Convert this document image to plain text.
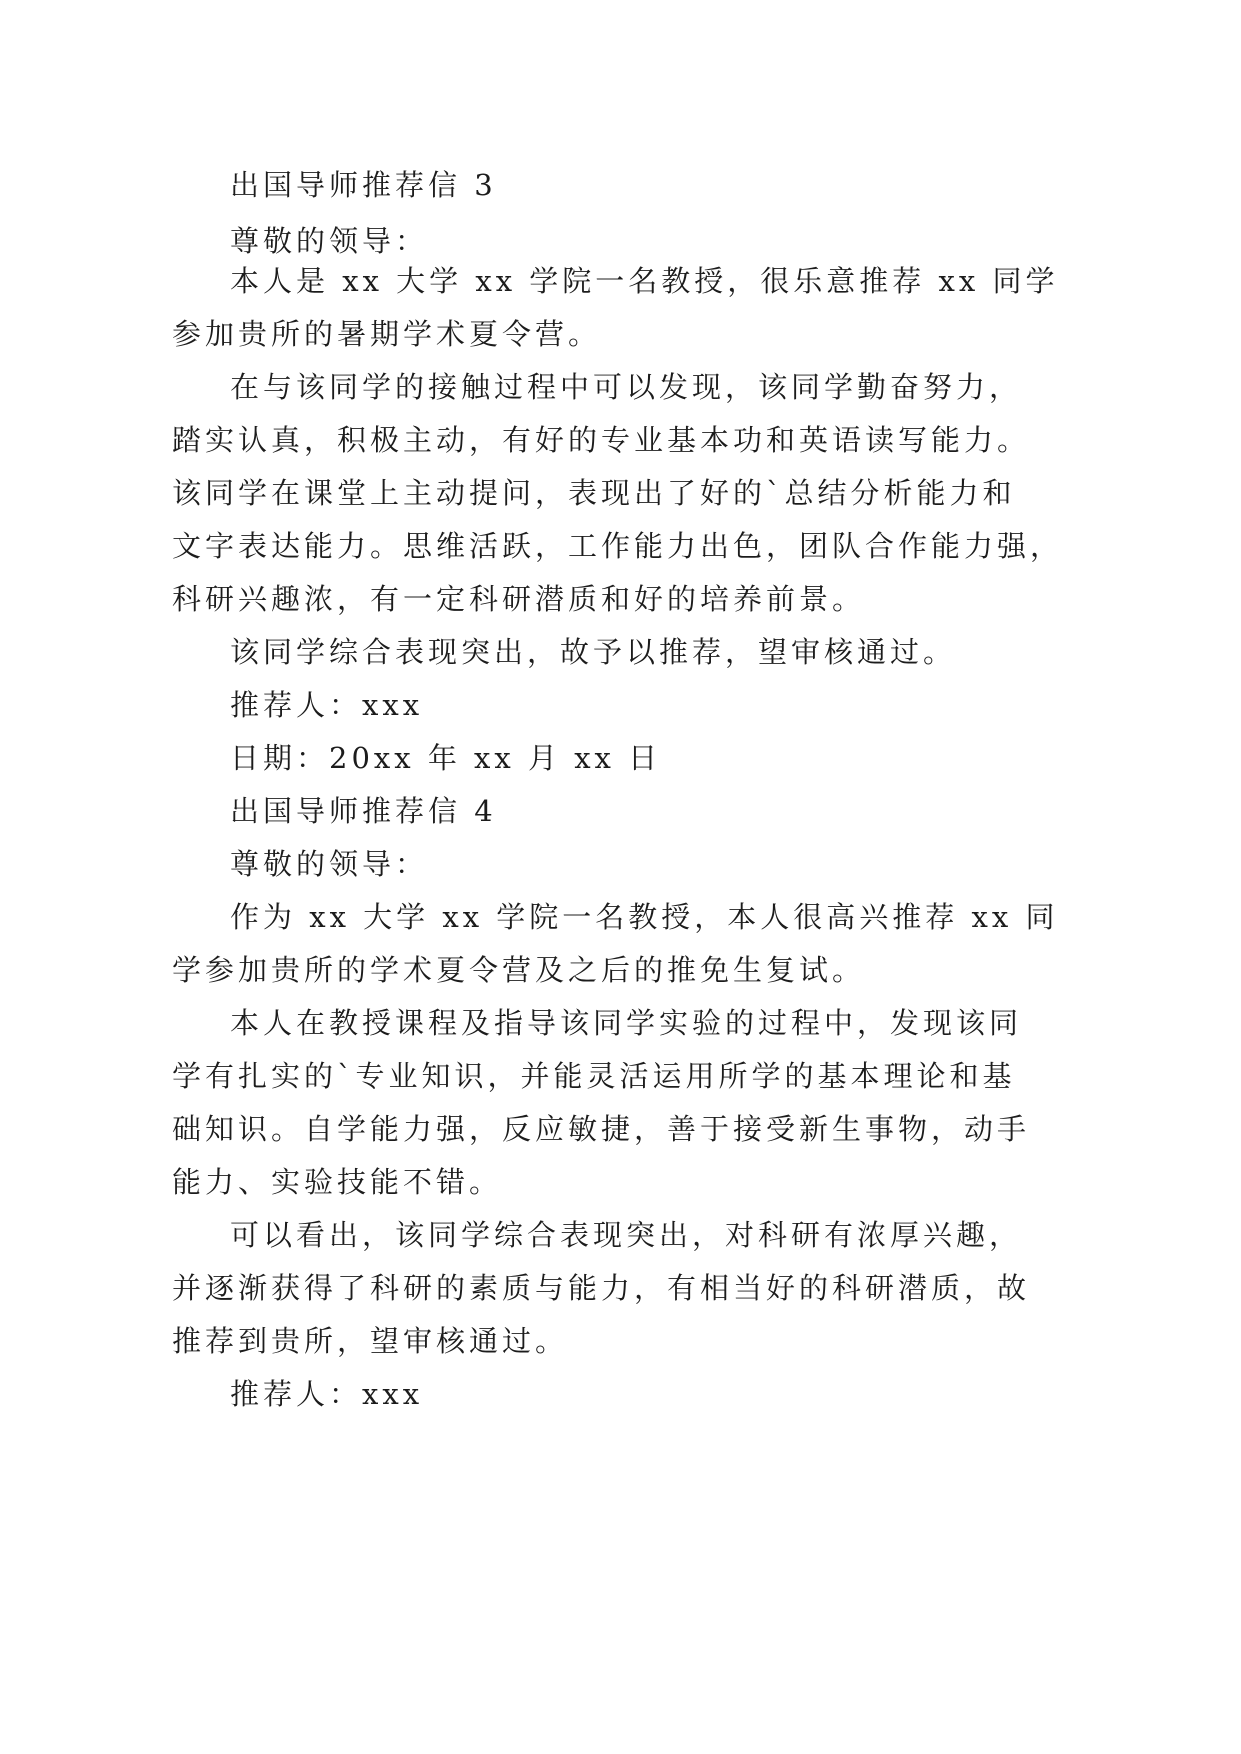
出国导师推荐信 3
尊敬的领导：
本人是 xx 大学 xx 学院一名教授，很乐意推荐 xx 同学
参加贵所的暑期学术夏令营。
在与该同学的接触过程中可以发现，该同学勤奋努力，
踏实认真，积极主动，有好的专业基本功和英语读写能力。
该同学在课堂上主动提问，表现出了好的`总结分析能力和
文字表达能力。思维活跃，工作能力出色，团队合作能力强，
科研兴趣浓，有一定科研潜质和好的培养前景。
该同学综合表现突出，故予以推荐，望审核通过。
推荐人：xxx
日期：20xx 年 xx 月 xx 日
出国导师推荐信 4
尊敬的领导：
作为 xx 大学 xx 学院一名教授，本人很高兴推荐 xx 同
学参加贵所的学术夏令营及之后的推免生复试。
本人在教授课程及指导该同学实验的过程中，发现该同
学有扎实的`专业知识，并能灵活运用所学的基本理论和基
础知识。自学能力强，反应敏捷，善于接受新生事物，动手
能力、实验技能不错。
可以看出，该同学综合表现突出，对科研有浓厚兴趣，
并逐渐获得了科研的素质与能力，有相当好的科研潜质，故
推荐到贵所，望审核通过。
推荐人：xxx
